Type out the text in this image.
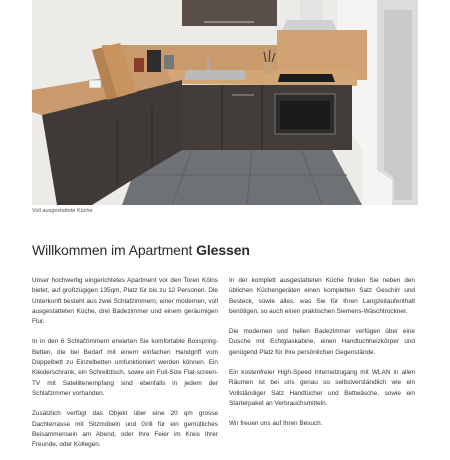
Voll ausgestattete Küche
Willkommen im Apartment Glessen

Unser hochwertig eingerichtetes Apartment vor den Toren Kölns bietet, auf großzügigen 135qm, Platz für bis zu 12 Personen. Die Unterkunft besteht aus zwei Schlafzimmern, einer modernen, voll ausgestatteten Küche, drei Badezimmer und einem geräumigen Flur.

In in den 6 Schlafzimmern erwarten Sie komfortable Boxspring-Betten, die bei Bedarf mit einem einfachen Handgriff vom Doppelbett zu Einzelbetten umfunktioniert werden können. Ein Kleiderschrank, ein Schreibtisch, sowie ein Full-Size Flat-screen-TV mit Satellitenempfang sind ebenfalls in jedem der Schlafzimmer vorhanden.

Zusätzlich verfügt das Objekt über eine 20 qm grosse Dachterrasse mit Sitzmöbeln und Grill für ein gemütliches Beisammensein am Abend, oder Ihre Feier im Kreis Ihrer Freunde, oder Kollegen.

In der komplett ausgestatteten Küche finden Sie neben den üblichen Küchengeräten einen kompletten Satz Geschirr und Besteck, sowie alles, was Sie für Ihren Langzeitaufenthalt benötigen, so auch einen praktischen Siemens-Waschtrockner.

Die modernen und hellen Badezimmer verfügen über eine Dusche mit Echtglaskabine, einen Handtuchheizkörper und genügend Platz für Ihre persönlichen Gegenstände.

Ein kostenfreier High-Speed Internetzugang mit WLAN in allen Räumen ist bei uns genau so selbstverständlich wie ein Vollständiger Satz Handtücher und Bettwäsche, sowie ein Starterpaket an Verbrauchsmitteln.

Wir freuen uns auf Ihren Besuch.
